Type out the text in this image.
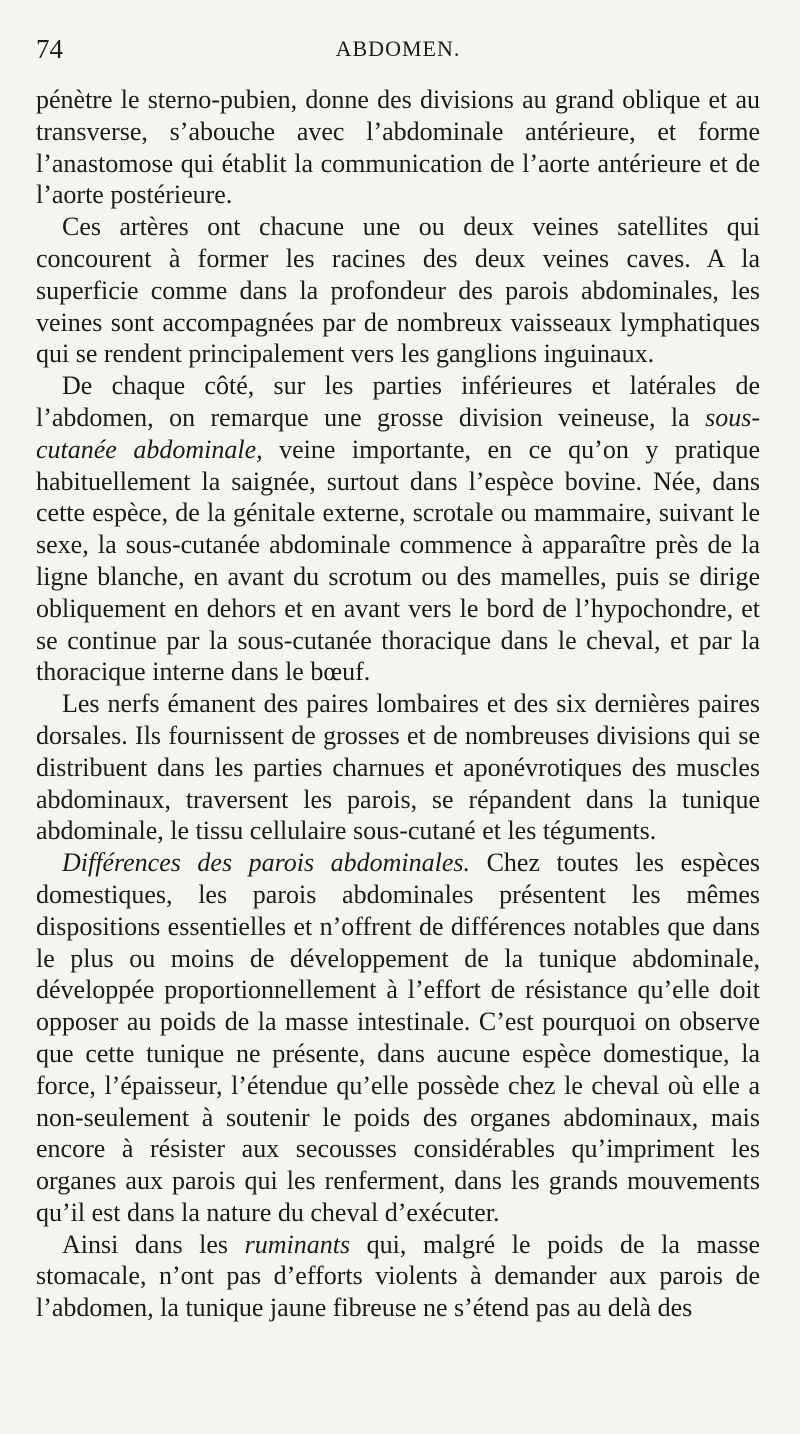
74	ABDOMEN.

pénètre le sterno-pubien, donne des divisions au grand oblique et au transverse, s’abouche avec l’abdominale antérieure, et forme l’anastomose qui établit la communication de l’aorte antérieure et de l’aorte postérieure.

Ces artères ont chacune une ou deux veines satellites qui concourent à former les racines des deux veines caves. A la superficie comme dans la profondeur des parois abdominales, les veines sont accompagnées par de nombreux vaisseaux lymphatiques qui se rendent principalement vers les ganglions inguinaux.

De chaque côté, sur les parties inférieures et latérales de l’abdomen, on remarque une grosse division veineuse, la sous-cutanée abdominale, veine importante, en ce qu’on y pratique habituellement la saignée, surtout dans l’espèce bovine. Née, dans cette espèce, de la génitale externe, scrotale ou mammaire, suivant le sexe, la sous-cutanée abdominale commence à apparaître près de la ligne blanche, en avant du scrotum ou des mamelles, puis se dirige obliquement en dehors et en avant vers le bord de l’hypochondre, et se continue par la sous-cutanée thoracique dans le cheval, et par la thoracique interne dans le bœuf.

Les nerfs émanent des paires lombaires et des six dernières paires dorsales. Ils fournissent de grosses et de nombreuses divisions qui se distribuent dans les parties charnues et aponévrotiques des muscles abdominaux, traversent les parois, se répandent dans la tunique abdominale, le tissu cellulaire sous-cutané et les téguments.

Différences des parois abdominales. Chez toutes les espèces domestiques, les parois abdominales présentent les mêmes dispositions essentielles et n’offrent de différences notables que dans le plus ou moins de développement de la tunique abdominale, développée proportionnellement à l’effort de résistance qu’elle doit opposer au poids de la masse intestinale. C’est pourquoi on observe que cette tunique ne présente, dans aucune espèce domestique, la force, l’épaisseur, l’étendue qu’elle possède chez le cheval où elle a non-seulement à soutenir le poids des organes abdominaux, mais encore à résister aux secousses considérables qu’impriment les organes aux parois qui les renferment, dans les grands mouvements qu’il est dans la nature du cheval d’exécuter.

Ainsi dans les ruminants qui, malgré le poids de la masse stomacale, n’ont pas d’efforts violents à demander aux parois de l’abdomen, la tunique jaune fibreuse ne s’étend pas au delà des
